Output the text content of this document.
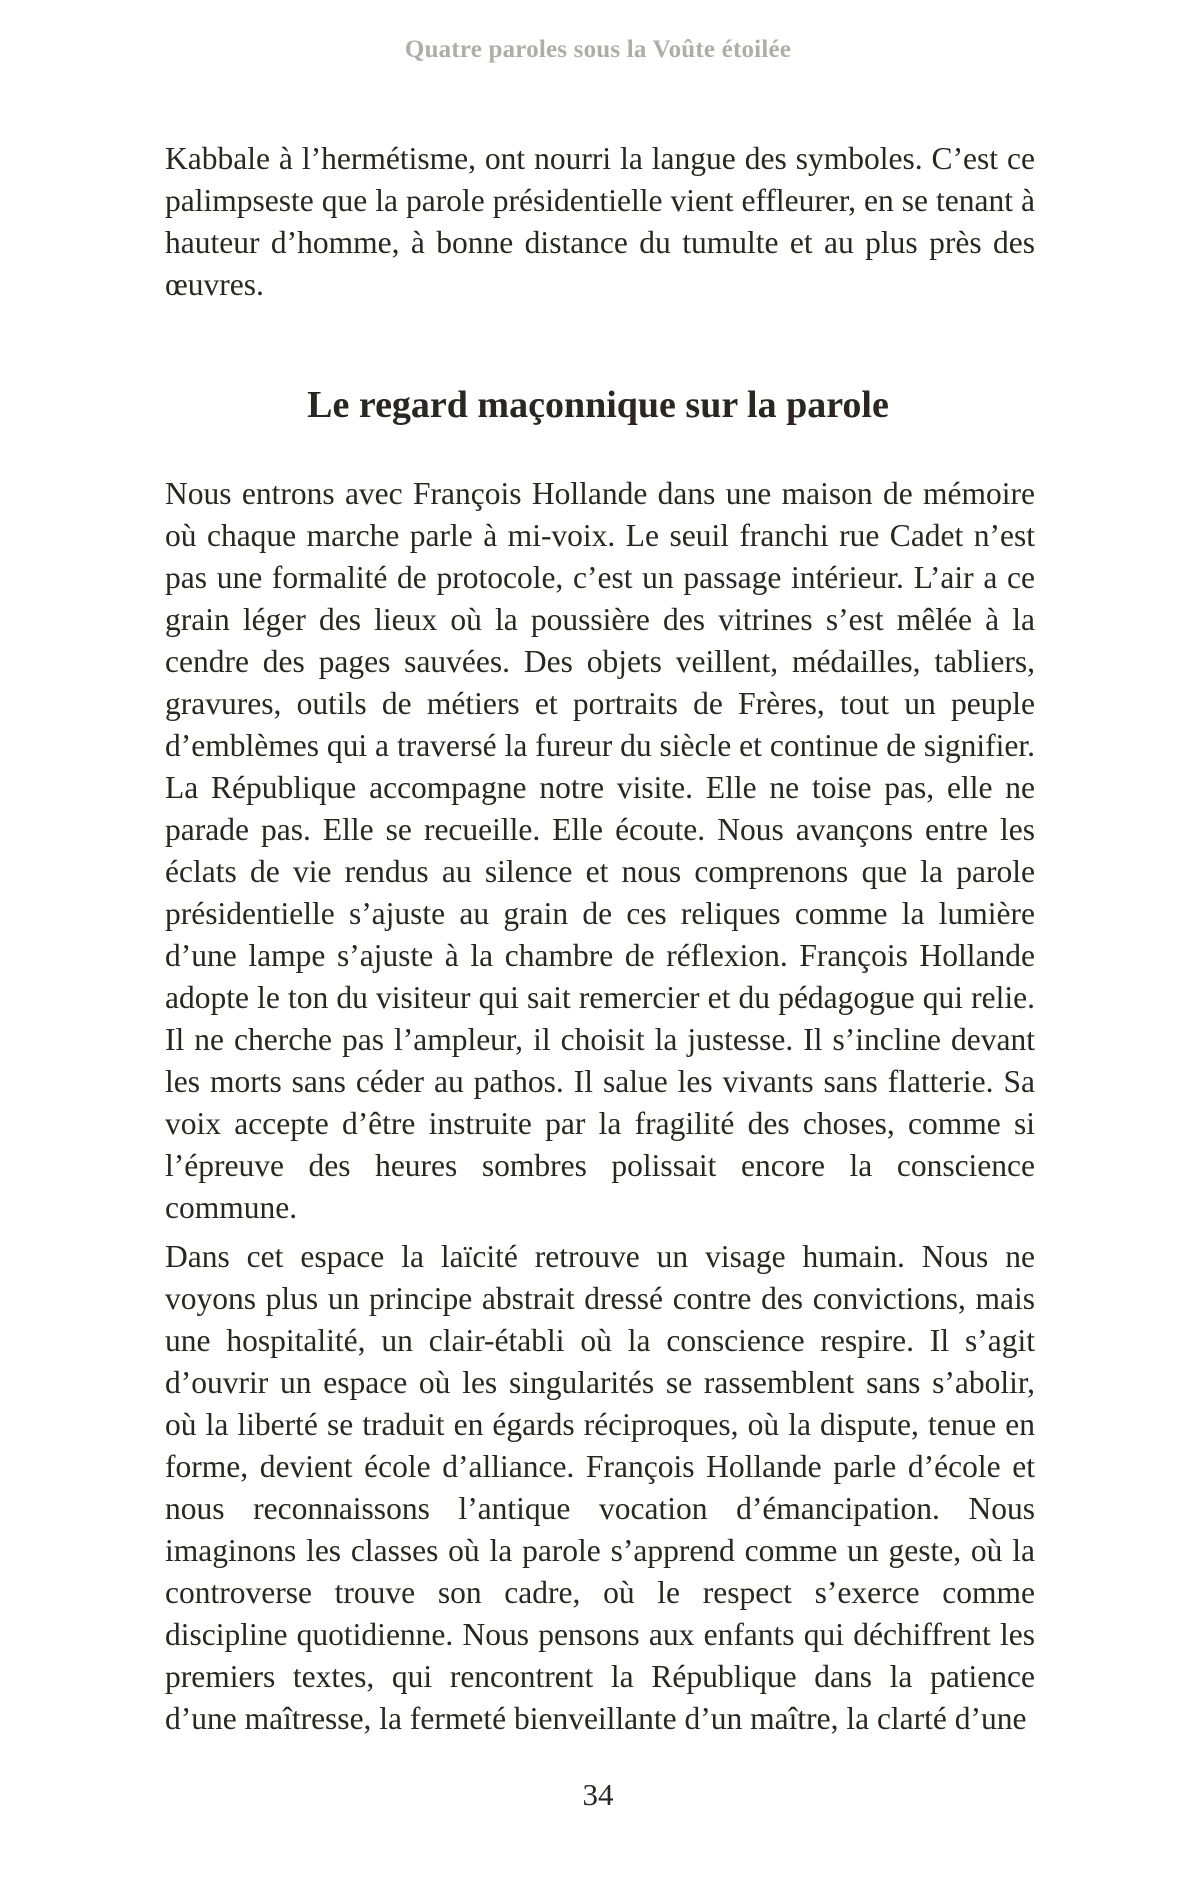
Quatre paroles sous la Voûte étoilée

Kabbale à l’hermétisme, ont nourri la langue des symboles. C’est ce palimpseste que la parole présidentielle vient effleurer, en se tenant à hauteur d’homme, à bonne distance du tumulte et au plus près des œuvres.

Le regard maçonnique sur la parole

Nous entrons avec François Hollande dans une maison de mémoire où chaque marche parle à mi-voix. Le seuil franchi rue Cadet n’est pas une formalité de protocole, c’est un passage intérieur. L’air a ce grain léger des lieux où la poussière des vitrines s’est mêlée à la cendre des pages sauvées. Des objets veillent, médailles, tabliers, gravures, outils de métiers et portraits de Frères, tout un peuple d’emblèmes qui a traversé la fureur du siècle et continue de signifier. La République accompagne notre visite. Elle ne toise pas, elle ne parade pas. Elle se recueille. Elle écoute. Nous avançons entre les éclats de vie rendus au silence et nous comprenons que la parole présidentielle s’ajuste au grain de ces reliques comme la lumière d’une lampe s’ajuste à la chambre de réflexion. François Hollande adopte le ton du visiteur qui sait remercier et du pédagogue qui relie. Il ne cherche pas l’ampleur, il choisit la justesse. Il s’incline devant les morts sans céder au pathos. Il salue les vivants sans flatterie. Sa voix accepte d’être instruite par la fragilité des choses, comme si l’épreuve des heures sombres polissait encore la conscience commune.

Dans cet espace la laïcité retrouve un visage humain. Nous ne voyons plus un principe abstrait dressé contre des convictions, mais une hospitalité, un clair-établi où la conscience respire. Il s’agit d’ouvrir un espace où les singularités se rassemblent sans s’abolir, où la liberté se traduit en égards réciproques, où la dispute, tenue en forme, devient école d’alliance. François Hollande parle d’école et nous reconnaissons l’antique vocation d’émancipation. Nous imaginons les classes où la parole s’apprend comme un geste, où la controverse trouve son cadre, où le respect s’exerce comme discipline quotidienne. Nous pensons aux enfants qui déchiffrent les premiers textes, qui rencontrent la République dans la patience d’une maîtresse, la fermeté bienveillante d’un maître, la clarté d’une

34
